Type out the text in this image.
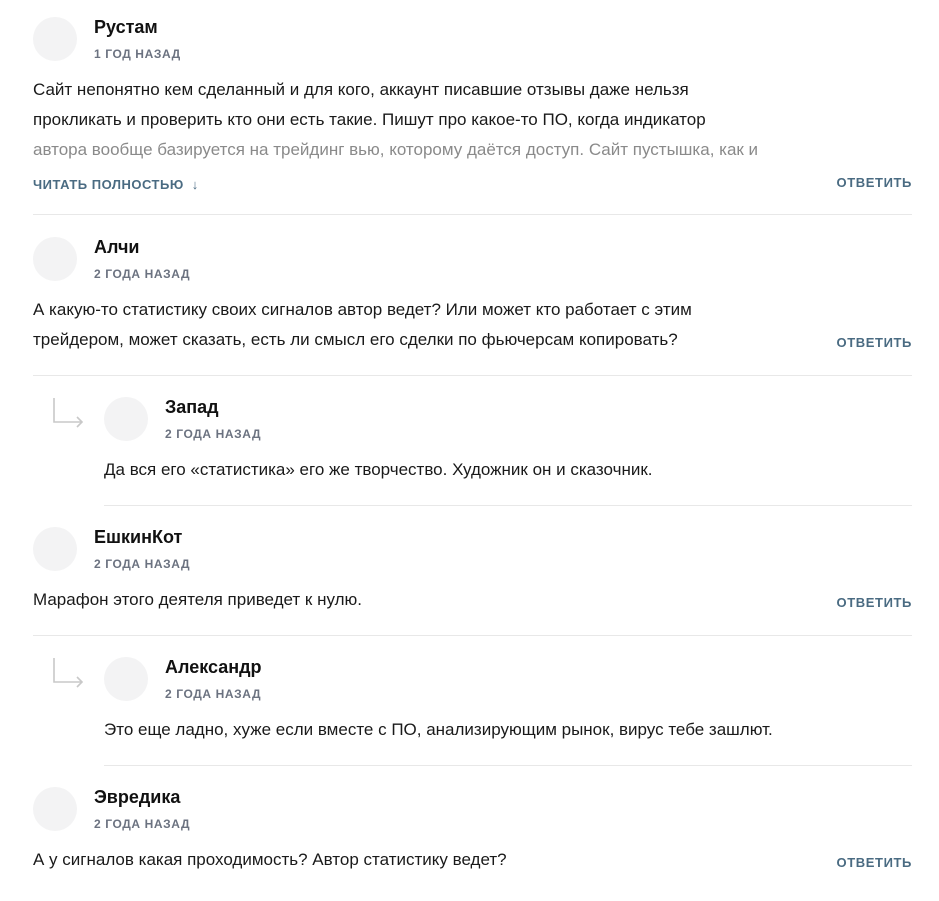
Рустам
1 ГОД НАЗАД
Сайт непонятно кем сделанный и для кого, аккаунт писавшие отзывы даже нельзя
прокликать и проверить кто они есть такие. Пишут про какое-то ПО, когда индикатор
автора вообще базируется на трейдинг вью, которому даётся доступ. Сайт пустышка, как и
ЧИТАТЬ ПОЛНОСТЬЮ ↓	ОТВЕТИТЬ
Алчи
2 ГОДА НАЗАД
А какую-то статистику своих сигналов автор ведет? Или может кто работает с этим
трейдером, может сказать, есть ли смысл его сделки по фьючерсам копировать?	ОТВЕТИТЬ
Запад
2 ГОДА НАЗАД
Да вся его «статистика» его же творчество. Художник он и сказочник.
ЕшкинКот
2 ГОДА НАЗАД
Марафон этого деятеля приведет к нулю.	ОТВЕТИТЬ
Александр
2 ГОДА НАЗАД
Это еще ладно, хуже если вместе с ПО, анализирующим рынок, вирус тебе зашлют.
Эвредика
2 ГОДА НАЗАД
А у сигналов какая проходимость? Автор статистику ведет?	ОТВЕТИТЬ
